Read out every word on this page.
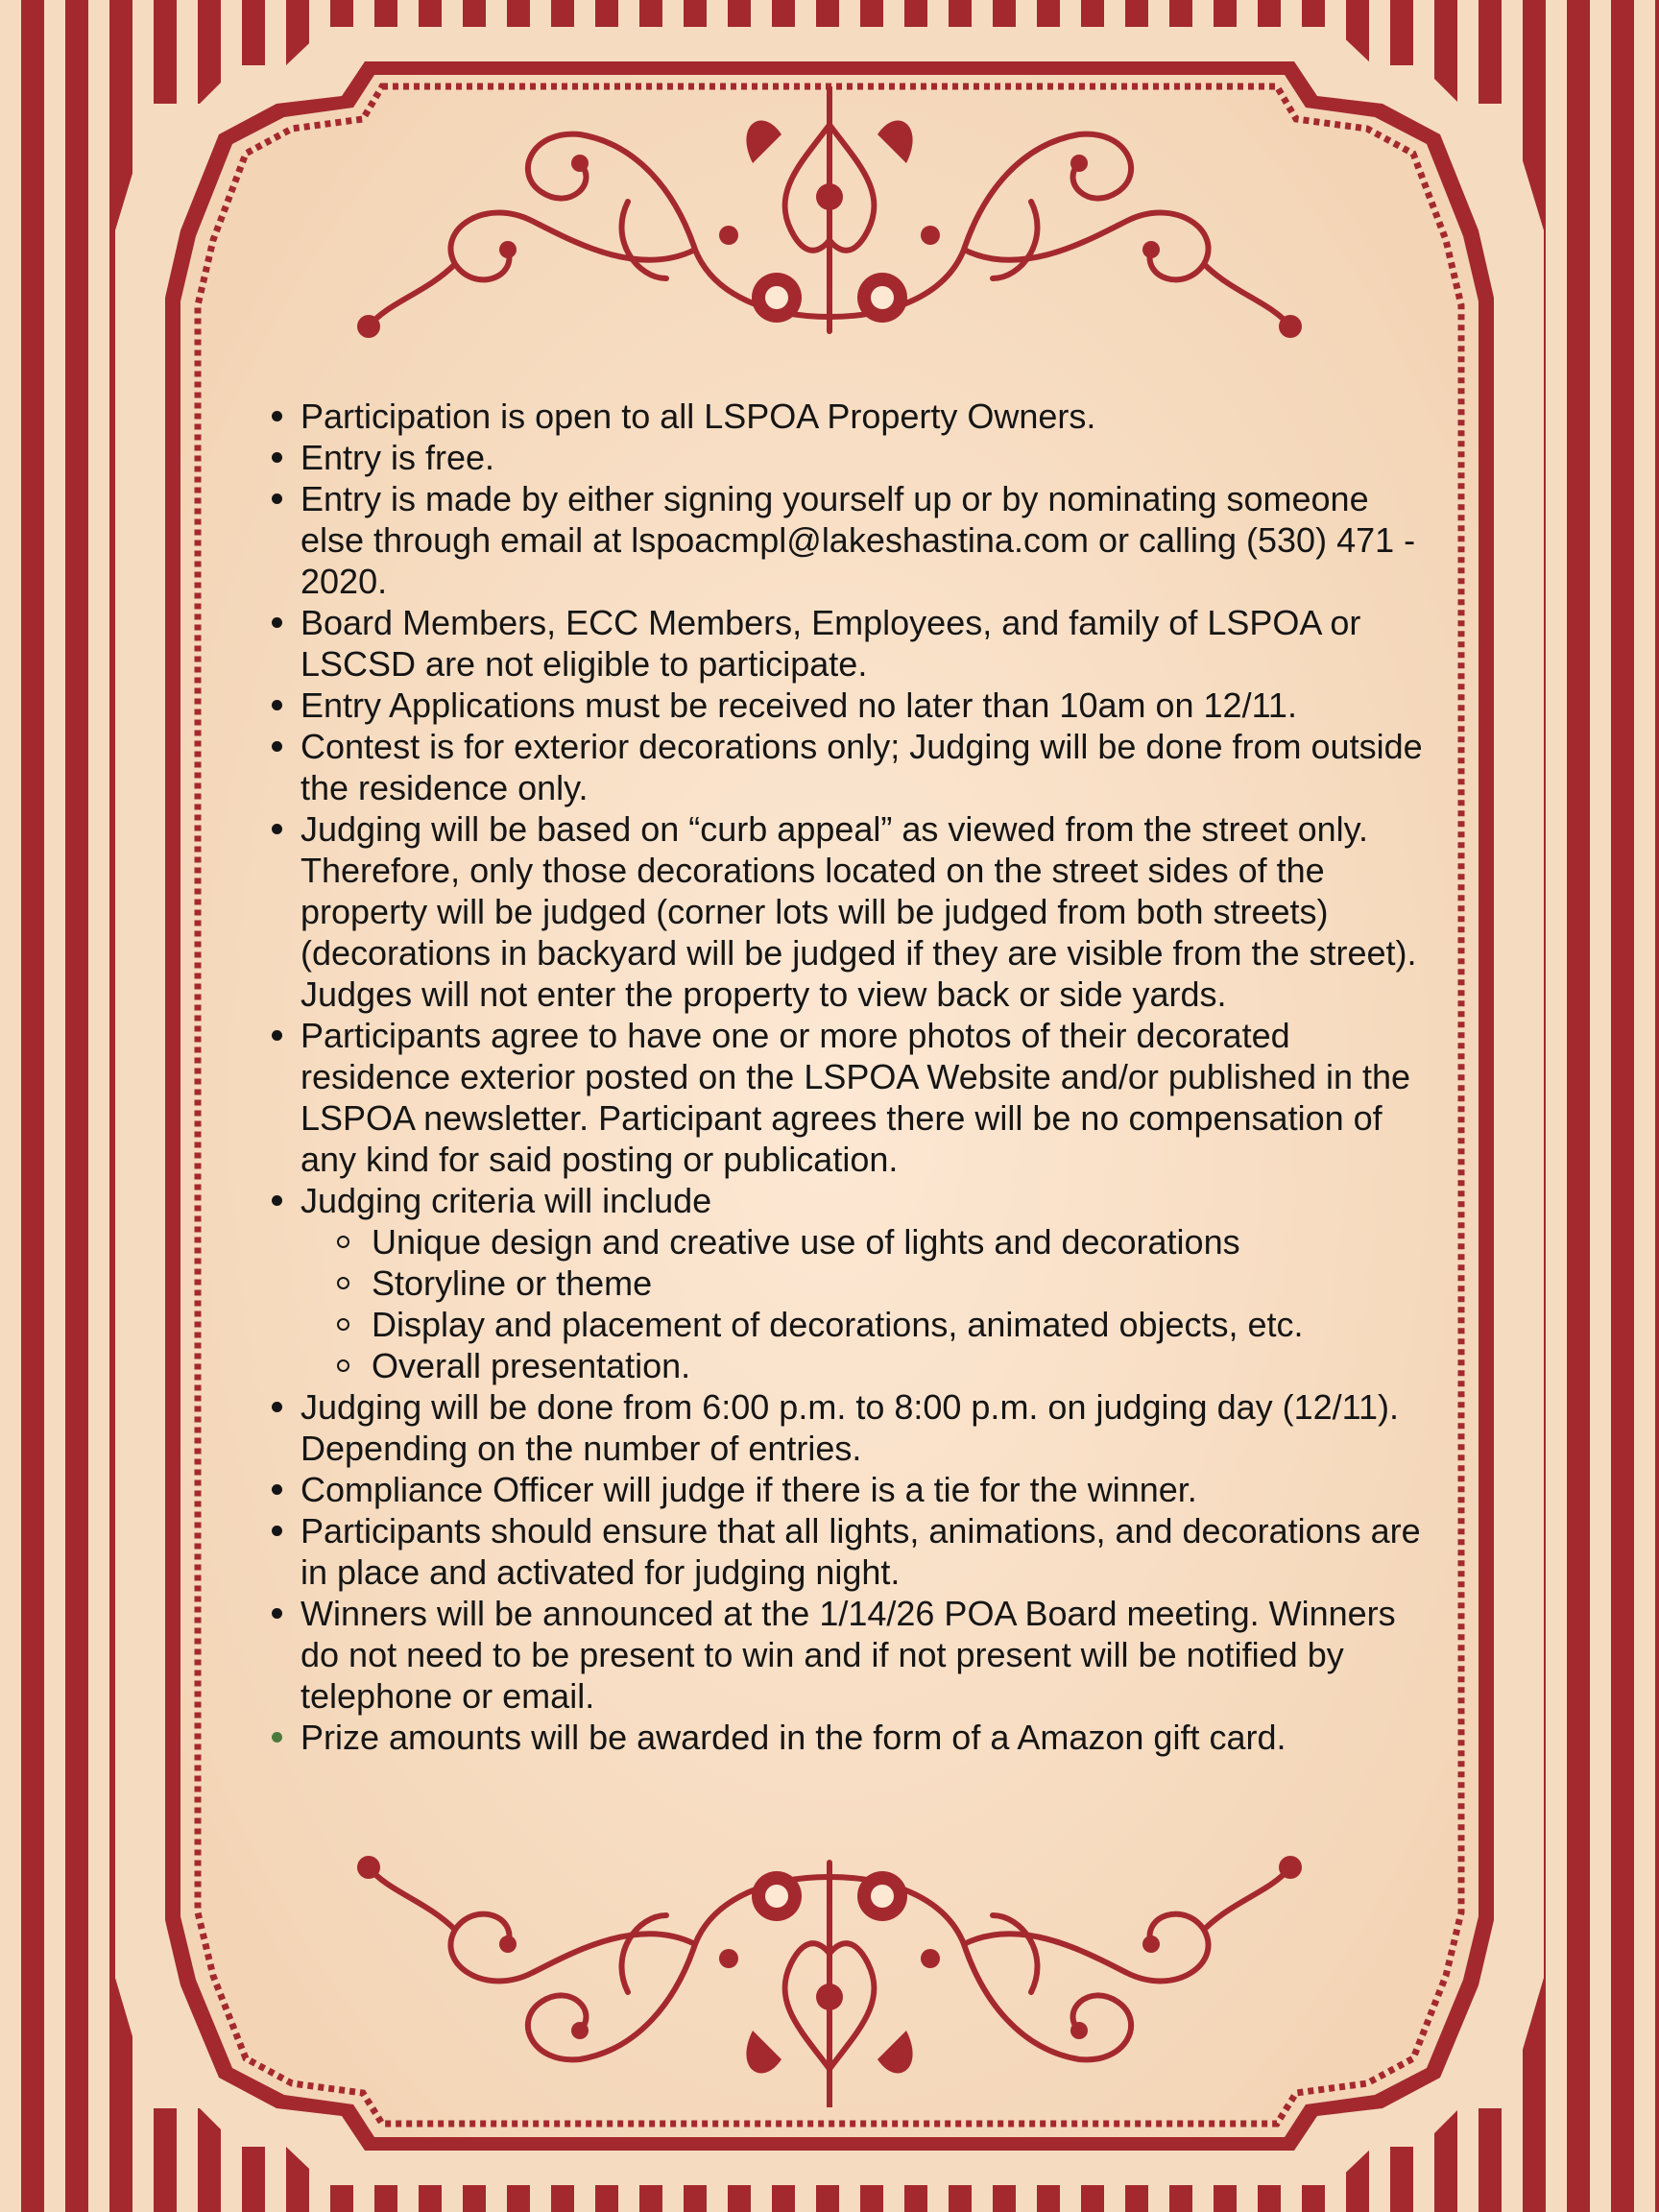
Participation is open to all LSPOA Property Owners.
Entry is free.
Entry is made by either signing yourself up or by nominating someone else through email at lspoacmpl@lakeshastina.com or calling (530) 471 - 2020.
Board Members, ECC Members, Employees, and family of LSPOA or LSCSD are not eligible to participate.
Entry Applications must be received no later than 10am on 12/11.
Contest is for exterior decorations only; Judging will be done from outside the residence only.
Judging will be based on “curb appeal” as viewed from the street only. Therefore, only those decorations located on the street sides of the property will be judged (corner lots will be judged from both streets)(decorations in backyard will be judged if they are visible from the street). Judges will not enter the property to view back or side yards.
Participants agree to have one or more photos of their decorated residence exterior posted on the LSPOA Website and/or published in the LSPOA newsletter. Participant agrees there will be no compensation of any kind for said posting or publication.
Judging criteria will include
Unique design and creative use of lights and decorations
Storyline or theme
Display and placement of decorations, animated objects, etc.
Overall presentation.
Judging will be done from 6:00 p.m. to 8:00 p.m. on judging day (12/11). Depending on the number of entries.
Compliance Officer will judge if there is a tie for the winner.
Participants should ensure that all lights, animations, and decorations are in place and activated for judging night.
Winners will be announced at the 1/14/26 POA Board meeting. Winners do not need to be present to win and if not present will be notified by telephone or email.
Prize amounts will be awarded in the form of a Amazon gift card.
